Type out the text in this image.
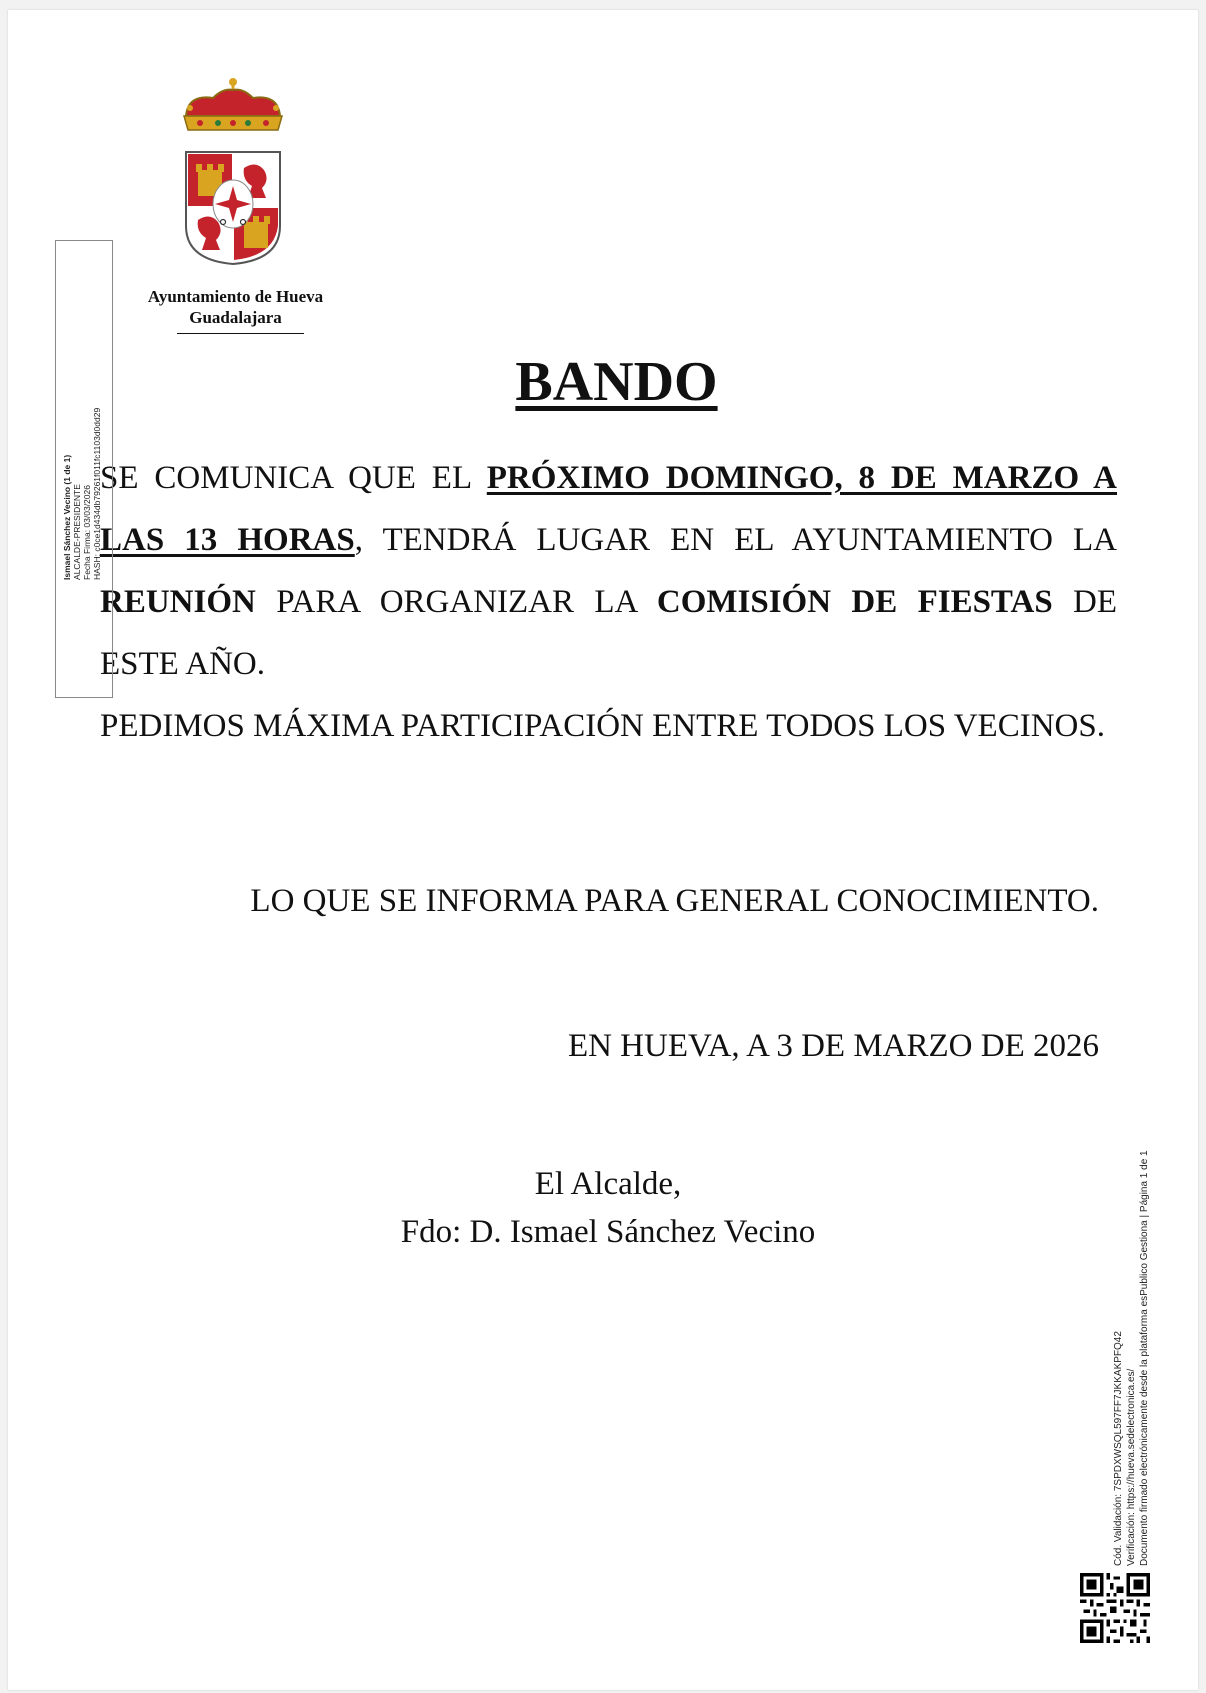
Ayuntamiento de Hueva
Guadalajara
BANDO

SE COMUNICA QUE EL PRÓXIMO DOMINGO, 8 DE MARZO A LAS 13 HORAS, TENDRÁ LUGAR EN EL AYUNTAMIENTO LA REUNIÓN PARA ORGANIZAR LA COMISIÓN DE FIESTAS DE ESTE AÑO.

PEDIMOS MÁXIMA PARTICIPACIÓN ENTRE TODOS LOS VECINOS.

LO QUE SE INFORMA PARA GENERAL CONOCIMIENTO.
EN HUEVA, A 3 DE MARZO DE 2026
El Alcalde,
Fdo: D. Ismael Sánchez Vecino
Ismael Sánchez Vecino (1 de 1) ALCALDE-PRESIDENTE Fecha Firma: 03/03/2026 HASH: c0ce1d434db79261f011fc1103d0dd29
Cód. Validación: 7SPDXWSQL597FF7JKKAKPFQ42 Verificación: https://hueva.sedelectronica.es/ Documento firmado electrónicamente desde la plataforma esPublico Gestiona | Página 1 de 1
